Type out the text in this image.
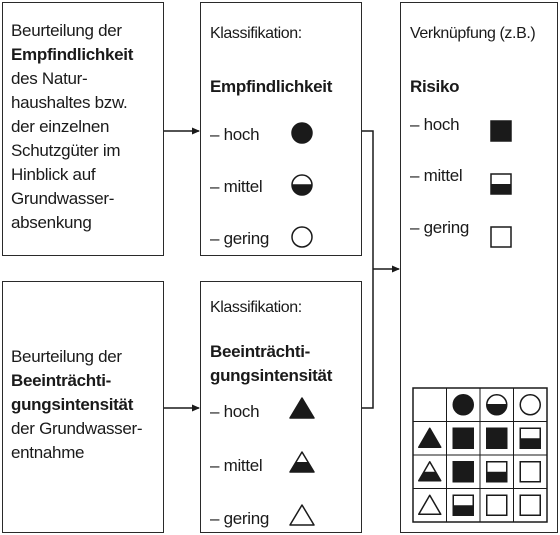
Beurteilung der
Empfindlichkeit
des Natur-
haushaltes bzw.
der einzelnen
Schutzgüter im
Hinblick auf
Grundwasser-
absenkung
Beurteilung der
Beeinträchti-
gungsintensität
der Grundwasser-
entnahme
Klassifikation:
Empfindlichkeit
– hoch
– mittel
– gering
Klassifikation:
Beeinträchti-
gungsintensität
– hoch
– mittel
– gering
Verknüpfung (z.B.)
Risiko
– hoch
– mittel
– gering
